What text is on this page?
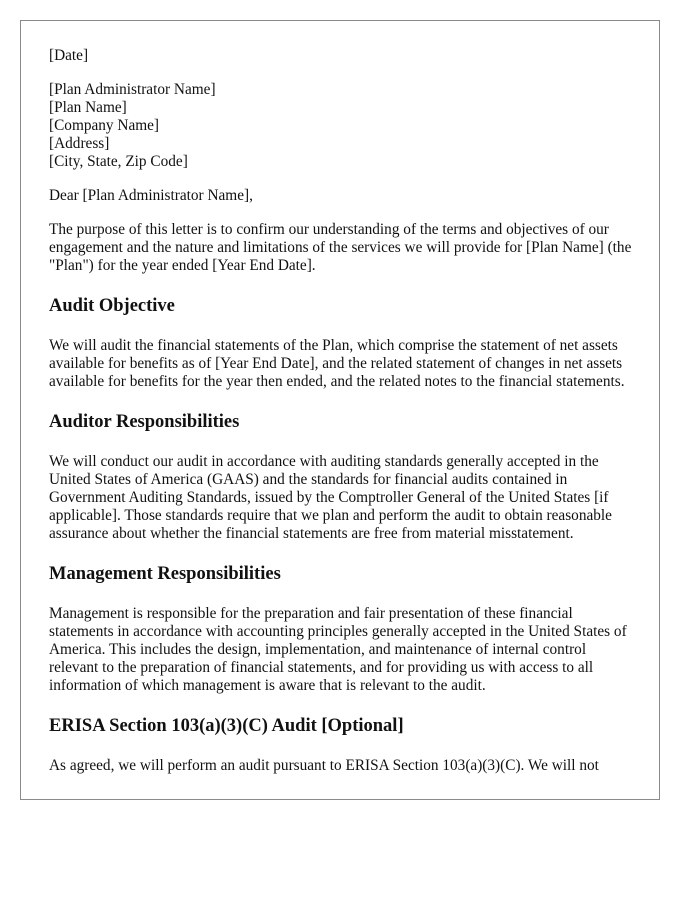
[Date]

[Plan Administrator Name]
[Plan Name]
[Company Name]
[Address]
[City, State, Zip Code]

Dear [Plan Administrator Name],

The purpose of this letter is to confirm our understanding of the terms and objectives of our engagement and the nature and limitations of the services we will provide for [Plan Name] (the "Plan") for the year ended [Year End Date].

Audit Objective

We will audit the financial statements of the Plan, which comprise the statement of net assets available for benefits as of [Year End Date], and the related statement of changes in net assets available for benefits for the year then ended, and the related notes to the financial statements.

Auditor Responsibilities

We will conduct our audit in accordance with auditing standards generally accepted in the United States of America (GAAS) and the standards for financial audits contained in Government Auditing Standards, issued by the Comptroller General of the United States [if applicable]. Those standards require that we plan and perform the audit to obtain reasonable assurance about whether the financial statements are free from material misstatement.

Management Responsibilities

Management is responsible for the preparation and fair presentation of these financial statements in accordance with accounting principles generally accepted in the United States of America. This includes the design, implementation, and maintenance of internal control relevant to the preparation of financial statements, and for providing us with access to all information of which management is aware that is relevant to the audit.

ERISA Section 103(a)(3)(C) Audit [Optional]

As agreed, we will perform an audit pursuant to ERISA Section 103(a)(3)(C). We will not
